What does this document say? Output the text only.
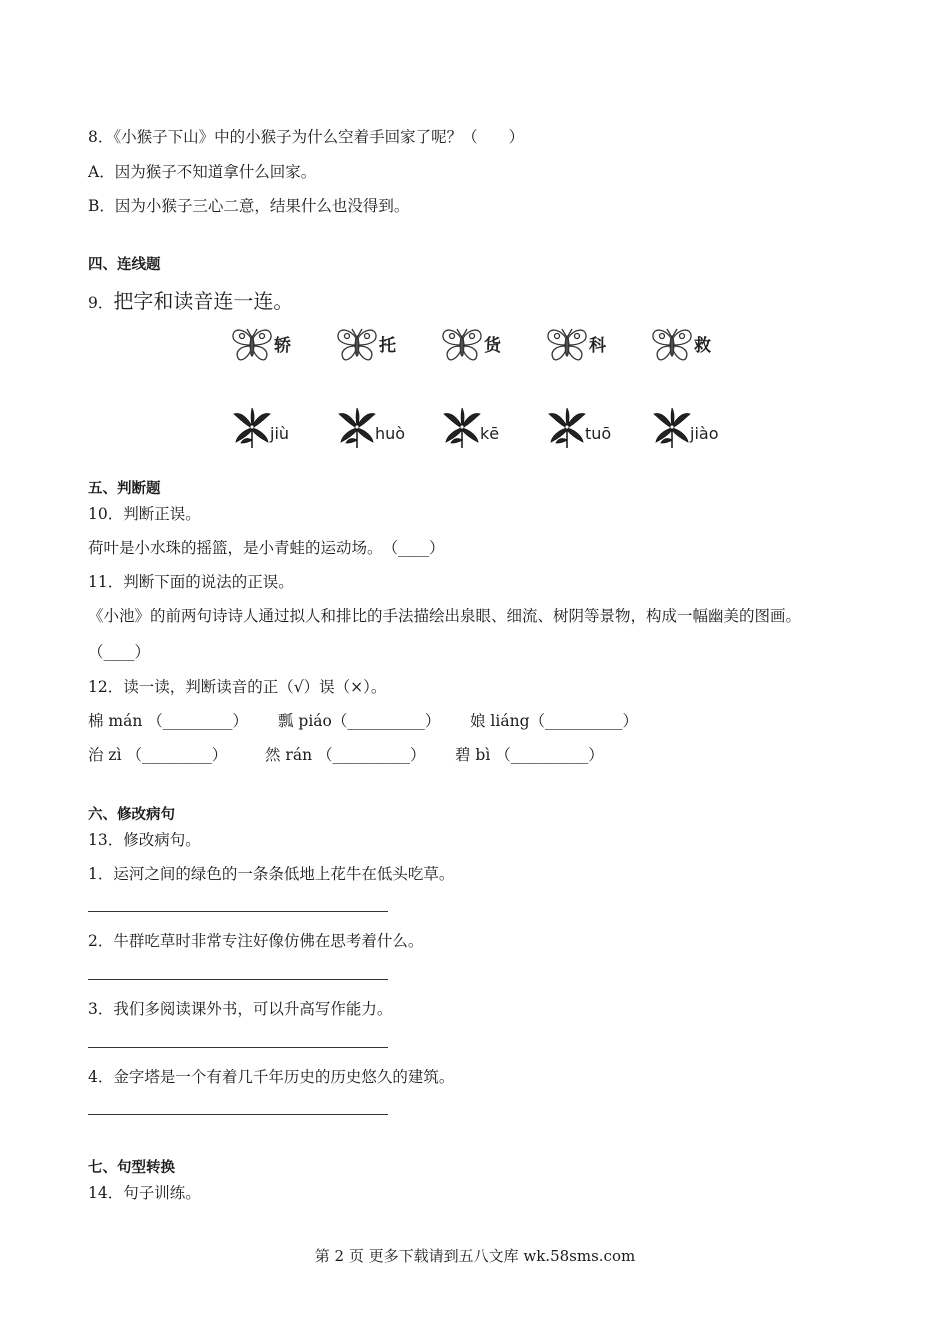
8．《小猴子下山》中的小猴子为什么空着手回家了呢？（　　）
A．因为猴子不知道拿什么回家。
B．因为小猴子三心二意，结果什么也没得到。
四、连线题
9．把字和读音连一连。
轿	托	货	科	救
jiù	huò	kē	tuō	jiào
五、判断题
10．判断正误。
荷叶是小水珠的摇篮，是小青蛙的运动场。　（____）
11．判断下面的说法的正误。
《小池》的前两句诗诗人通过拟人和排比的手法描绘出泉眼、细流、树阴等景物，构成一幅幽美的图画。
（____）
12．读一读，判断读音的正（√）误（×）。
棉 mán （_________） 瓢 piáo（__________） 娘 liáng（__________）
治 zì （_________） 然 rán （__________） 碧 bì （__________）
六、修改病句
13．修改病句。
1．运河之间的绿色的一条条低地上花牛在低头吃草。
2．牛群吃草时非常专注好像仿佛在思考着什么。
3．我们多阅读课外书，可以升高写作能力。
4．金字塔是一个有着几千年历史的历史悠久的建筑。
七、句型转换
14．句子训练。
第 2 页 更多下载请到五八文库 wk.58sms.com
